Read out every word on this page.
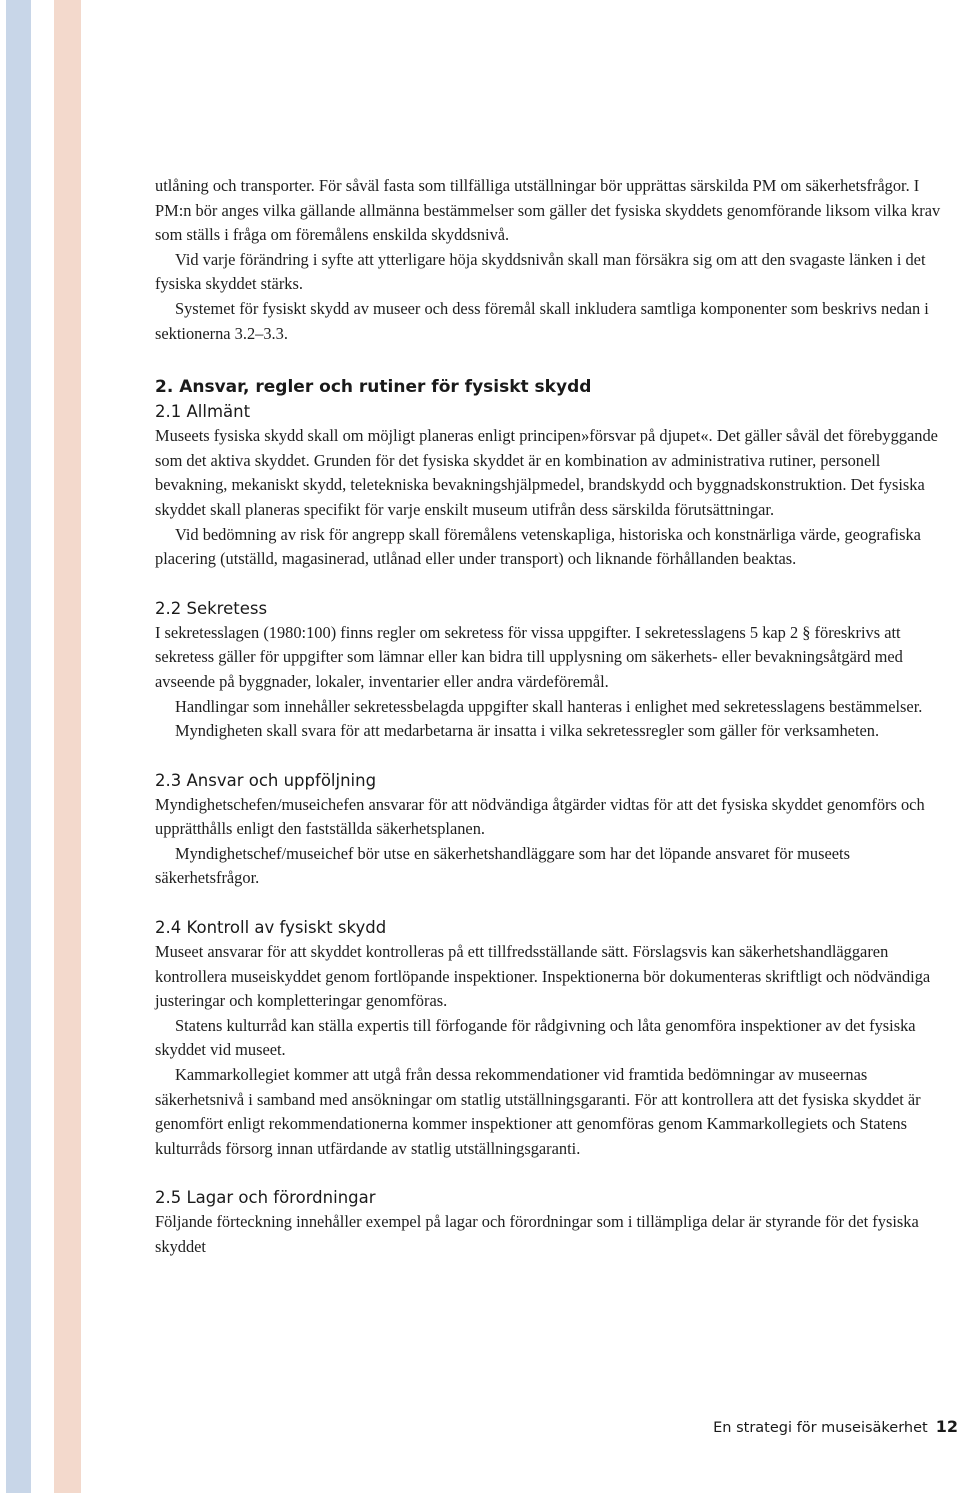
utlåning och transporter. För såväl fasta som tillfälliga utställningar bör upprättas särskilda PM om säkerhetsfrågor. I PM:n bör anges vilka gällande allmänna bestämmelser som gäller det fysiska skyddets genomförande liksom vilka krav som ställs i fråga om föremålens enskilda skyddsnivå.

Vid varje förändring i syfte att ytterligare höja skyddsnivån skall man försäkra sig om att den svagaste länken i det fysiska skyddet stärks.

Systemet för fysiskt skydd av museer och dess föremål skall inkludera samtliga komponenter som beskrivs nedan i sektionerna 3.2–3.3.

2. Ansvar, regler och rutiner för fysiskt skydd
2.1 Allmänt

Museets fysiska skydd skall om möjligt planeras enligt principen»försvar på djupet«. Det gäller såväl det förebyggande som det aktiva skyddet. Grunden för det fysiska skyddet är en kombination av administrativa rutiner, personell bevakning, mekaniskt skydd, teletekniska bevakningshjälpmedel, brandskydd och byggnadskonstruktion. Det fysiska skyddet skall planeras specifikt för varje enskilt museum utifrån dess särskilda förutsättningar.

Vid bedömning av risk för angrepp skall föremålens vetenskapliga, historiska och konstnärliga värde, geografiska placering (utställd, magasinerad, utlånad eller under transport) och liknande förhållanden beaktas.

2.2 Sekretess

I sekretesslagen (1980:100) finns regler om sekretess för vissa uppgifter. I sekretesslagens 5 kap 2 § föreskrivs att sekretess gäller för uppgifter som lämnar eller kan bidra till upplysning om säkerhets- eller bevakningsåtgärd med avseende på byggnader, lokaler, inventarier eller andra värdeföremål.

Handlingar som innehåller sekretessbelagda uppgifter skall hanteras i enlighet med sekretesslagens bestämmelser.

Myndigheten skall svara för att medarbetarna är insatta i vilka sekretessregler som gäller för verksamheten.

2.3 Ansvar och uppföljning

Myndighetschefen/museichefen ansvarar för att nödvändiga åtgärder vidtas för att det fysiska skyddet genomförs och upprätthålls enligt den fastställda säkerhetsplanen.

Myndighetschef/museichef bör utse en säkerhetshandläggare som har det löpande ansvaret för museets säkerhetsfrågor.

2.4 Kontroll av fysiskt skydd

Museet ansvarar för att skyddet kontrolleras på ett tillfredsställande sätt. Förslagsvis kan säkerhetshandläggaren kontrollera museiskyddet genom fortlöpande inspektioner. Inspektionerna bör dokumenteras skriftligt och nödvändiga justeringar och kompletteringar genomföras.

Statens kulturråd kan ställa expertis till förfogande för rådgivning och låta genomföra inspektioner av det fysiska skyddet vid museet.

Kammarkollegiet kommer att utgå från dessa rekommendationer vid framtida bedömningar av museernas säkerhetsnivå i samband med ansökningar om statlig utställningsgaranti. För att kontrollera att det fysiska skyddet är genomfört enligt rekommendationerna kommer inspektioner att genomföras genom Kammarkollegiets och Statens kulturråds försorg innan utfärdande av statlig utställningsgaranti.

2.5 Lagar och förordningar

Följande förteckning innehåller exempel på lagar och förordningar som i tillämpliga delar är styrande för det fysiska skyddet

En strategi för museisäkerhet 12
